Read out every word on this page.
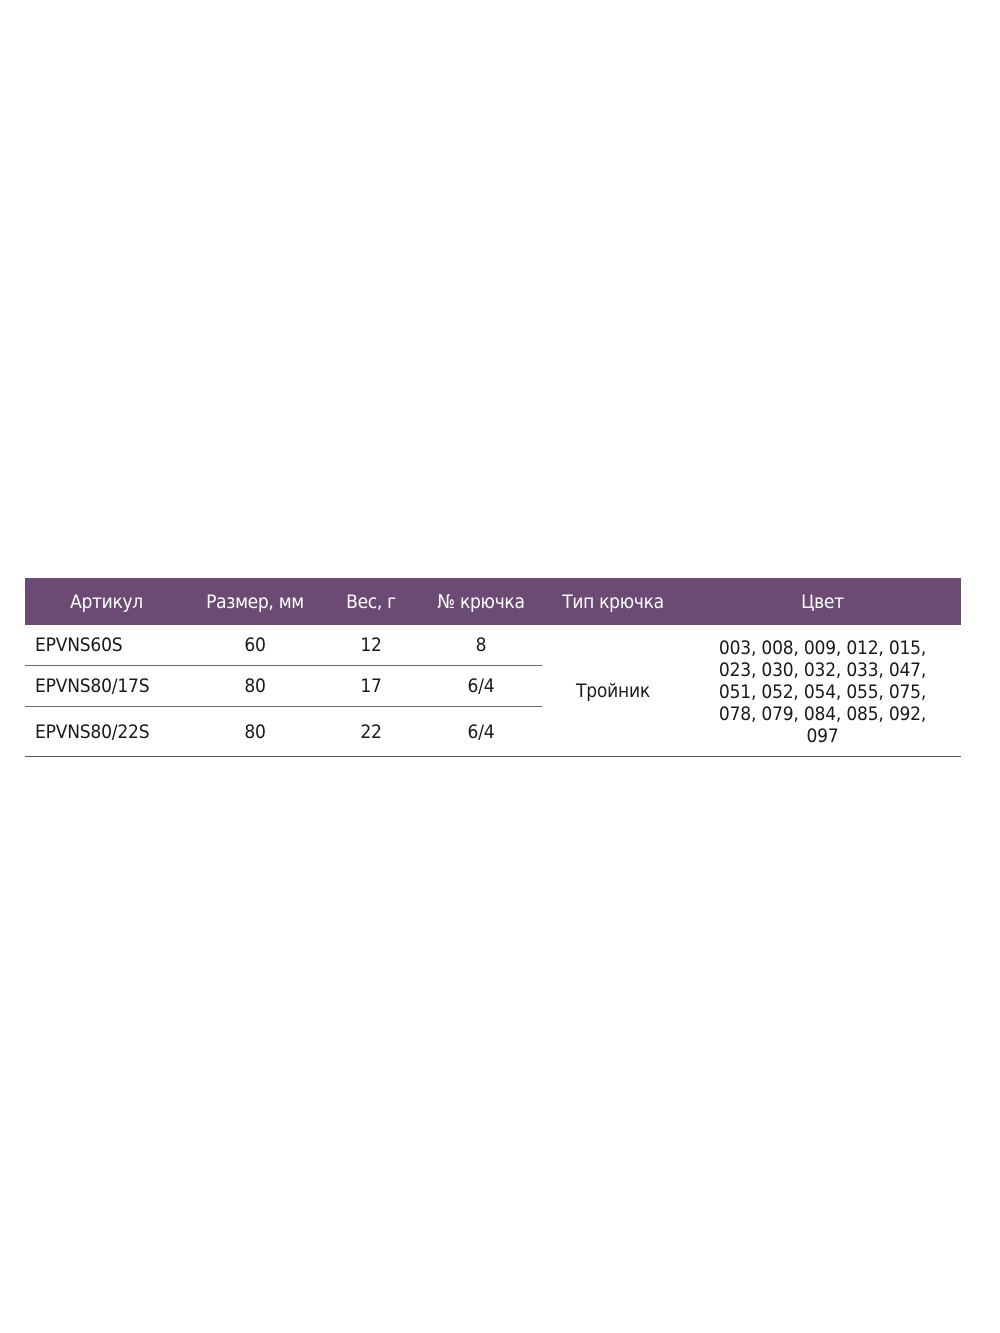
Артикул	Размер, мм	Вес, г	№ крючка	Тип крючка	Цвет
EPVNS60S	60	12	8	Тройник	003, 008, 009, 012, 015,
023, 030, 032, 033, 047,
051, 052, 054, 055, 075,
078, 079, 084, 085, 092,
097

EPVNS80/17S	80	17	6/4		
EPVNS80/22S	80	22	6/4		
